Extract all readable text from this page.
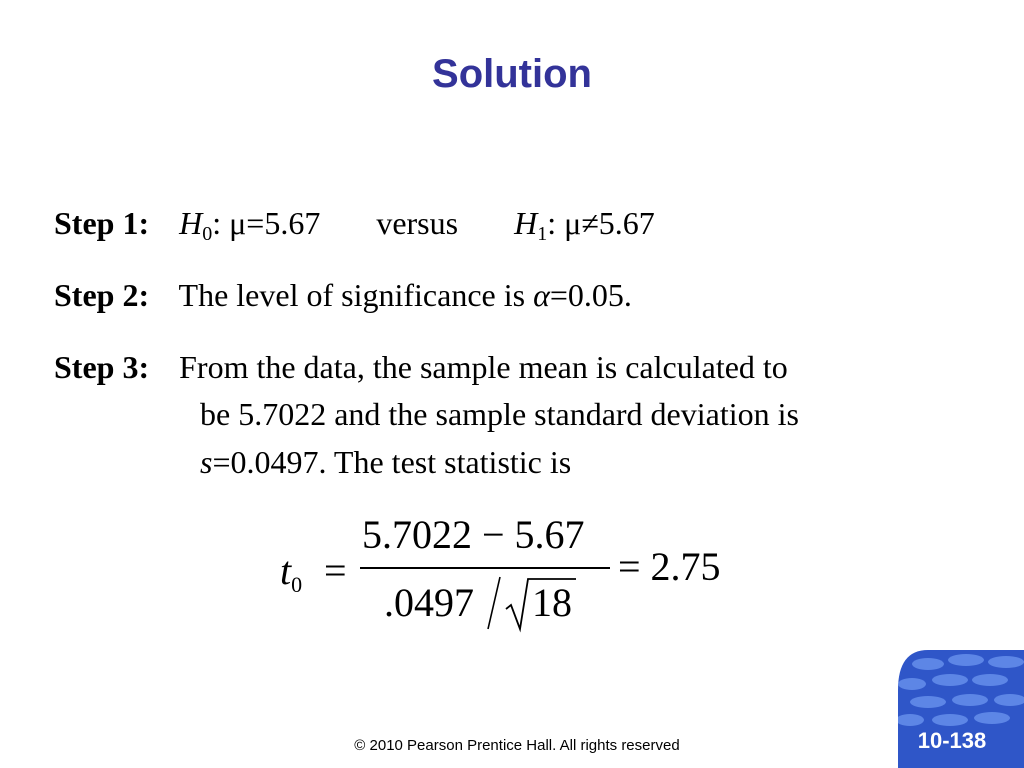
Solution
Step 1: $H_0$: μ=5.67 versus $H_1$: μ≠5.67
Step 2: The level of significance is α=0.05.
Step 3: From the data, the sample mean is calculated to
be 5.7022 and the sample standard deviation is
s=0.0497. The test statistic is
$t_0$ =
5.7022 − 5.67
.0497 18
= 2.75
© 2010 Pearson Prentice Hall. All rights reserved	10-138
